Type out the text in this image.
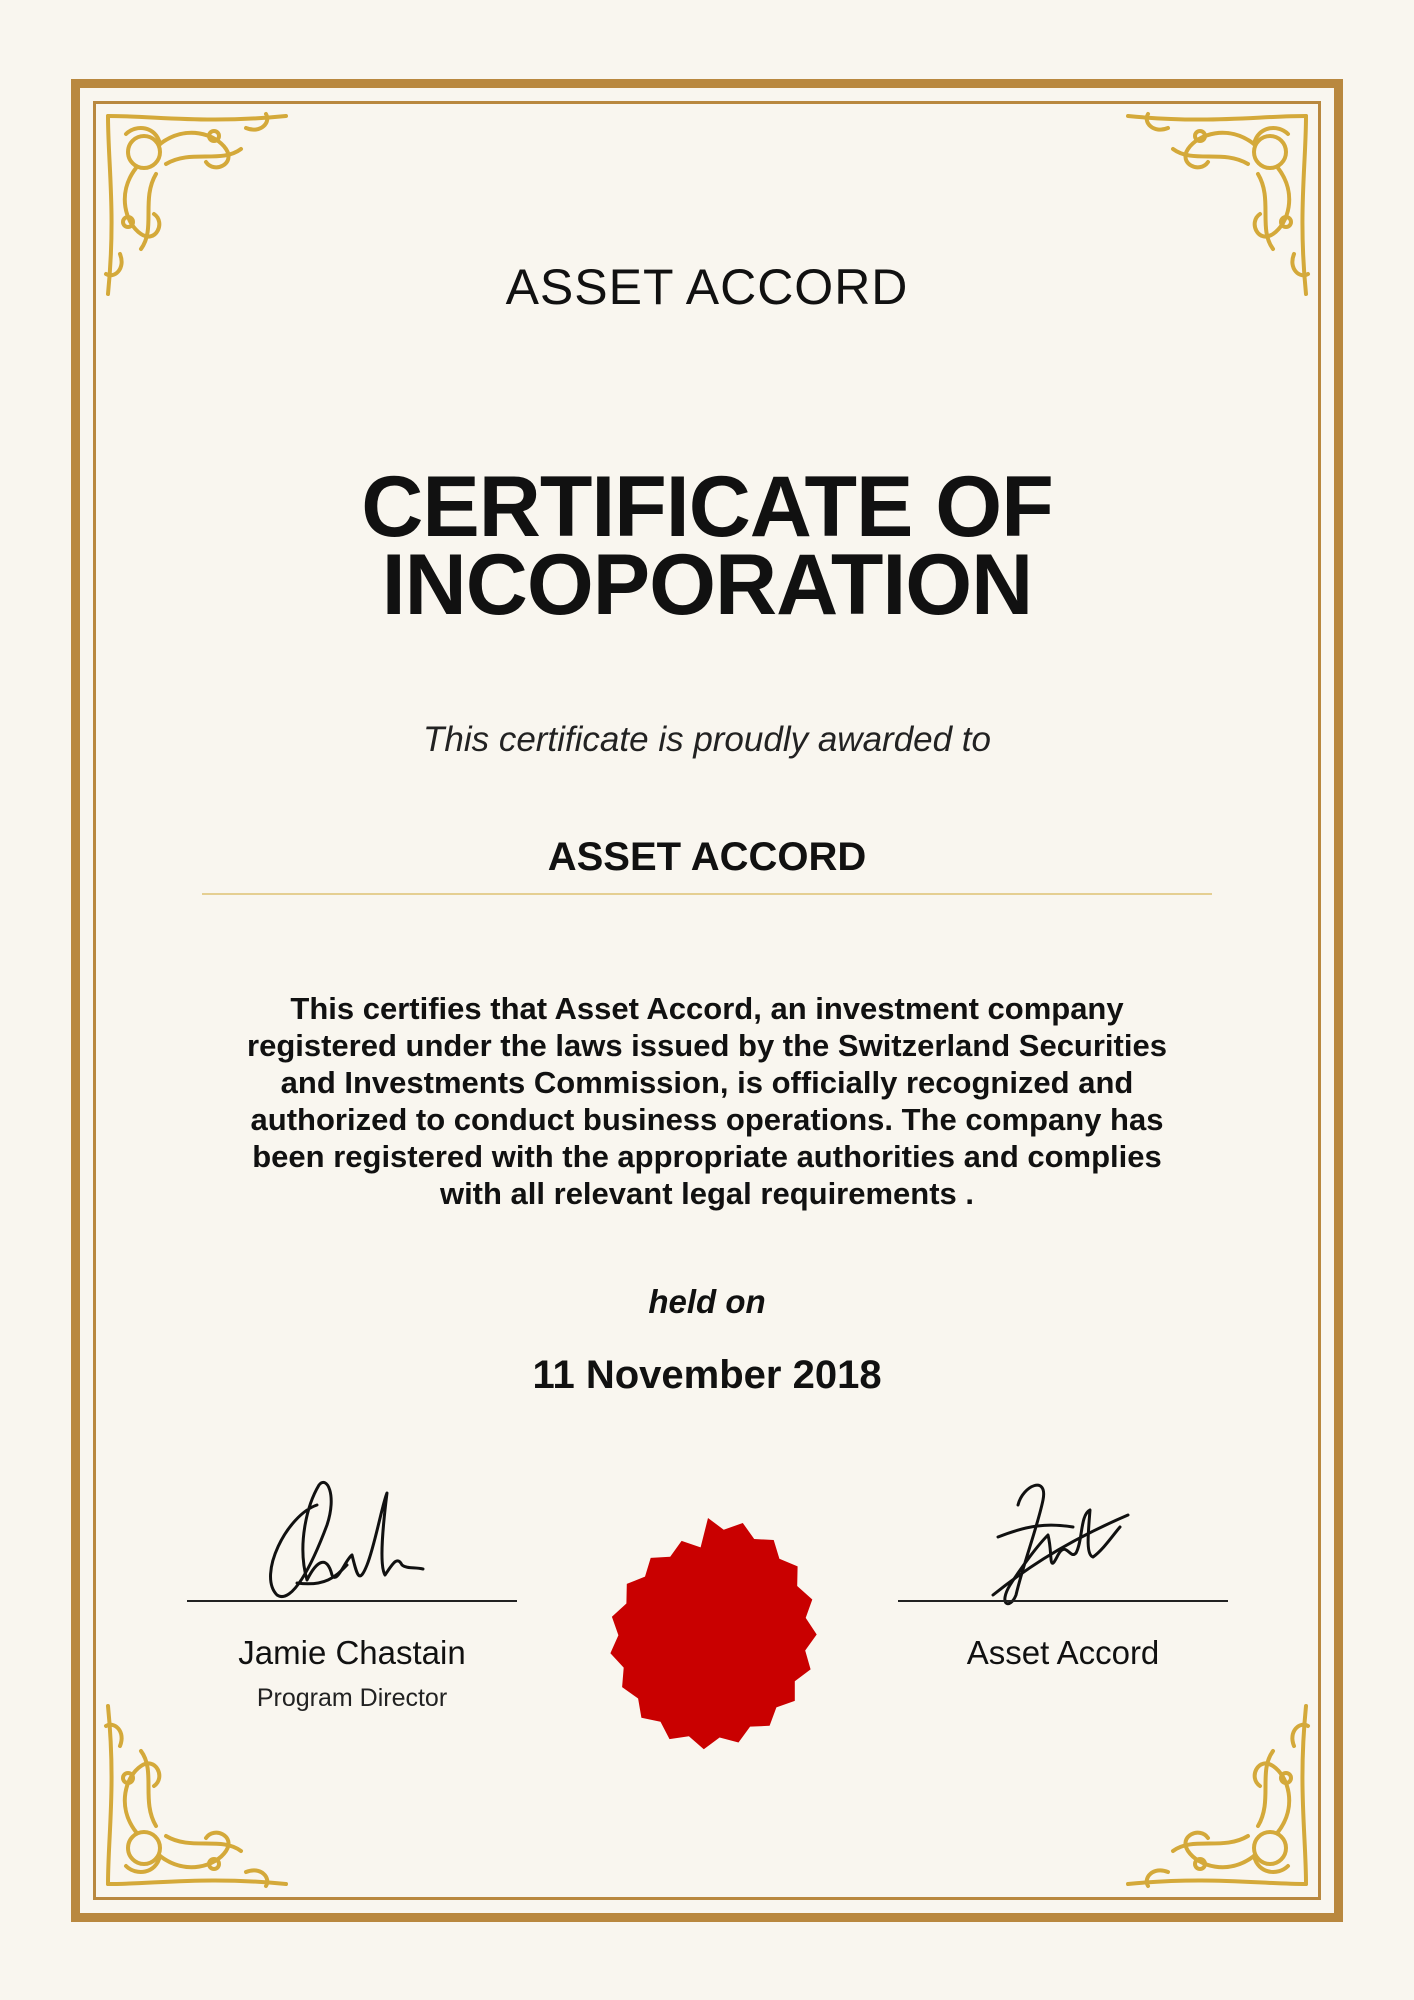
ASSET ACCORD
CERTIFICATE OF
INCOPORATION
This certificate is proudly awarded to
ASSET ACCORD
This certifies that Asset Accord, an investment company registered under the laws issued by the Switzerland Securities and Investments Commission, is officially recognized and authorized to conduct business operations. The company has been registered with the appropriate authorities and complies with all relevant legal requirements .
held on
11 November 2018
Jamie Chastain
Program Director
Asset Accord
